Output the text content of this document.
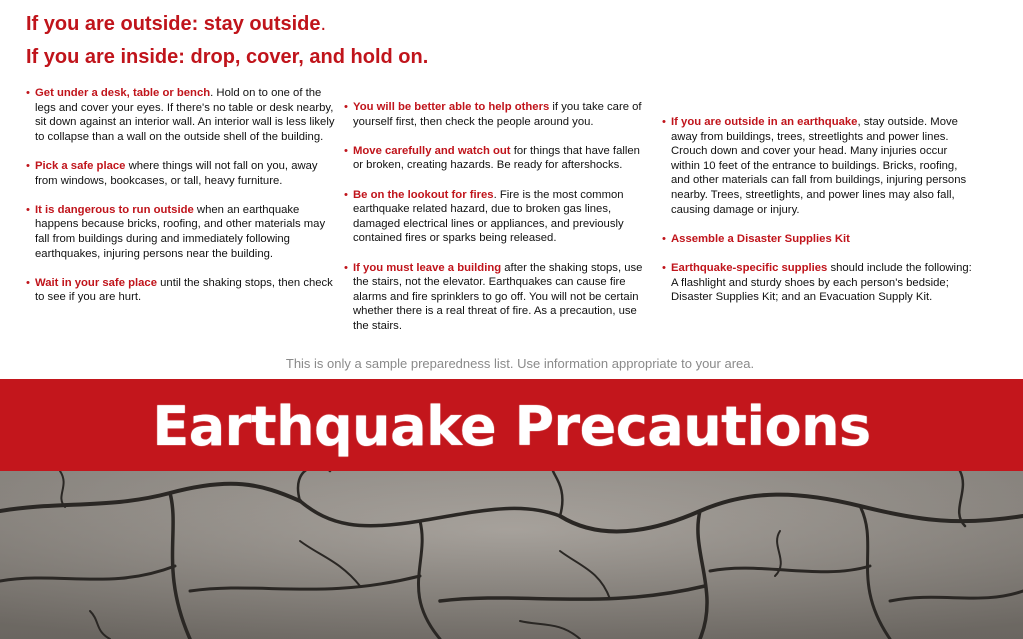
If you are outside: stay outside.
If you are inside: drop, cover, and hold on.
• Get under a desk, table or bench. Hold on to one of the legs and cover your eyes. If there's no table or desk nearby, sit down against an interior wall. An interior wall is less likely to collapse than a wall on the outside shell of the building.
• Pick a safe place where things will not fall on you, away from windows, bookcases, or tall, heavy furniture.
• It is dangerous to run outside when an earthquake happens because bricks, roofing, and other materials may fall from buildings during and immediately following earthquakes, injuring persons near the building.
• Wait in your safe place until the shaking stops, then check to see if you are hurt.
• You will be better able to help others if you take care of yourself first, then check the people around you.
• Move carefully and watch out for things that have fallen or broken, creating hazards. Be ready for aftershocks.
• Be on the lookout for fires. Fire is the most common earthquake related hazard, due to broken gas lines, damaged electrical lines or appliances, and previously contained fires or sparks being released.
• If you must leave a building after the shaking stops, use the stairs, not the elevator. Earthquakes can cause fire alarms and fire sprinklers to go off. You will not be certain whether there is a real threat of fire. As a precaution, use the stairs.
• If you are outside in an earthquake, stay outside. Move away from buildings, trees, streetlights and power lines. Crouch down and cover your head. Many injuries occur within 10 feet of the entrance to buildings. Bricks, roofing, and other materials can fall from buildings, injuring persons nearby. Trees, streetlights, and power lines may also fall, causing damage or injury.
• Assemble a Disaster Supplies Kit
• Earthquake-specific supplies should include the following: A flashlight and sturdy shoes by each person's bedside; Disaster Supplies Kit; and an Evacuation Supply Kit.
This is only a sample preparedness list. Use information appropriate to your area.
Earthquake Precautions
